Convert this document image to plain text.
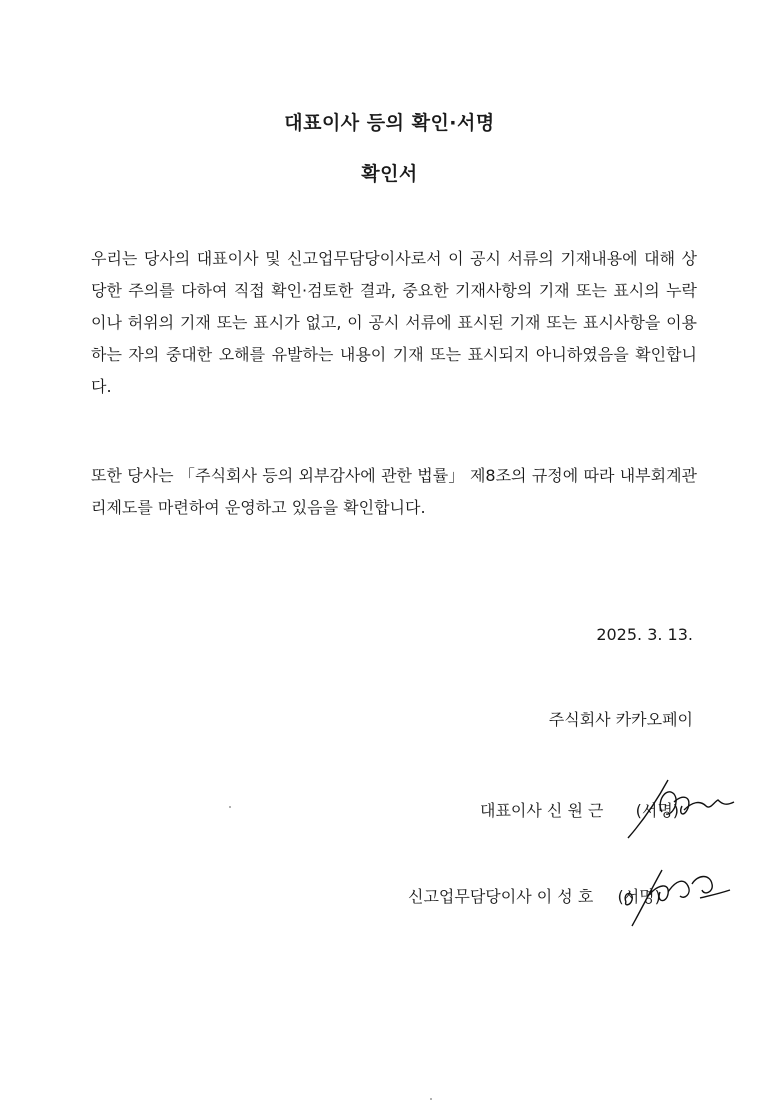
대표이사 등의 확인·서명
확인서

우리는 당사의 대표이사 및 신고업무담당이사로서 이 공시 서류의 기재내용에 대해 상당한 주의를 다하여 직접 확인·검토한 결과, 중요한 기재사항의 기재 또는 표시의 누락이나 허위의 기재 또는 표시가 없고, 이 공시 서류에 표시된 기재 또는 표시사항을 이용하는 자의 중대한 오해를 유발하는 내용이 기재 또는 표시되지 아니하였음을 확인합니다.

또한 당사는 「주식회사 등의 외부감사에 관한 법률」 제8조의 규정에 따라 내부회계관리제도를 마련하여 운영하고 있음을 확인합니다.

2025. 3. 13.
주식회사 카카오페이
대표이사 신 원 근 (서명)
신고업무담당이사 이 성 호 (서명)
